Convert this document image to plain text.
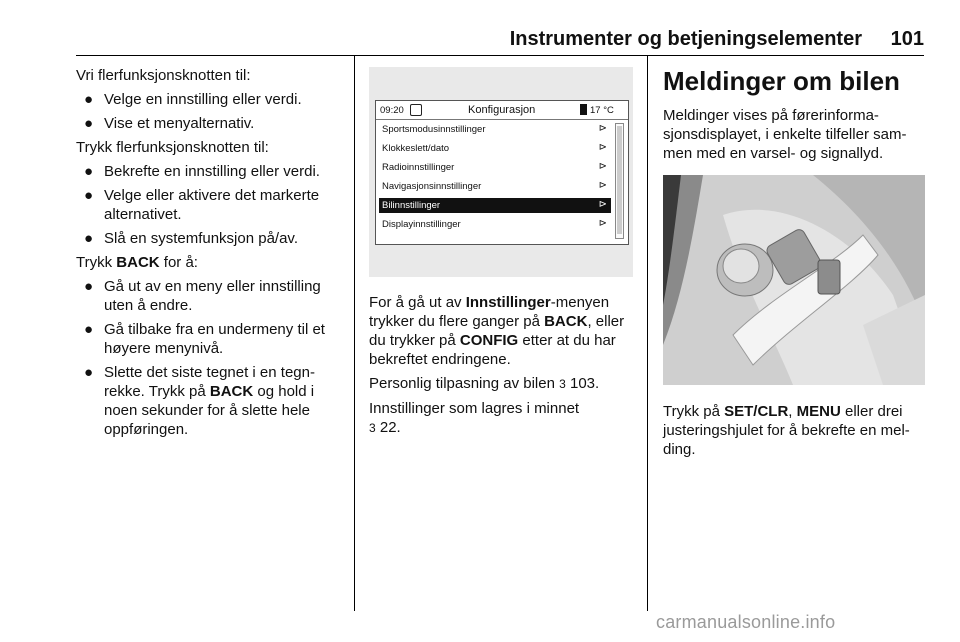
Instrumenter og betjeningselementer 101

Vri flerfunksjonsknotten til:

● Velge en innstilling eller verdi.
● Vise et menyalternativ.

Trykk flerfunksjonsknotten til:

● Bekrefte en innstilling eller verdi.
● Velge eller aktivere det markerte alternativet.
● Slå en systemfunksjon på/av.

Trykk BACK for å:

● Gå ut av en meny eller innstilling uten å endre.
● Gå tilbake fra en undermeny til et høyere menynivå.
● Slette det siste tegnet i en tegn-rekke. Trykk på BACK og hold i noen sekunder for å slette hele oppføringen.
09:20	Konfigurasjon	17 °C
Sportsmodusinnstillinger	⊳
Klokkeslett/dato	⊳
Radioinnstillinger	⊳
Navigasjonsinnstillinger	⊳
Bilinnstillinger	⊳
Displayinnstillinger	⊳

For å gå ut av Innstillinger-menyen trykker du flere ganger på BACK, eller du trykker på CONFIG etter at du har bekreftet endringene.

Personlig tilpasning av bilen 3 103.

Innstillinger som lagres i minnet
3 22.

Meldinger om bilen

Meldinger vises på førerinforma-sjonsdisplayet, i enkelte tilfeller sam-men med en varsel- og signallyd.

Trykk på SET/CLR, MENU eller drei justeringshjulet for å bekrefte en mel-ding.
carmanualsonline.info
